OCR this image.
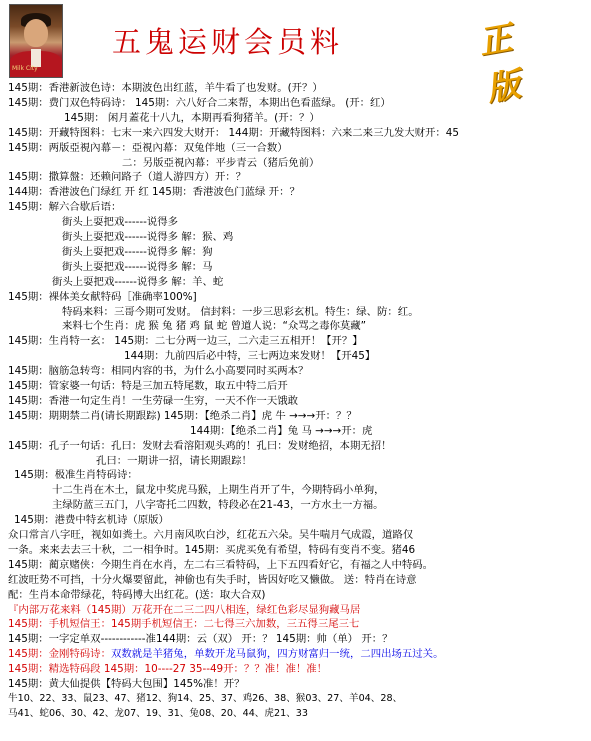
Milk City
五鬼运财会员料	正版
145期：香港新波色诗：本期波色出红蓝，羊牛看了也发财。(开？）
145期：费门双色特码诗： 145期：六八好合二来帮，本期出色看蓝绿。 (开：红）
145期： 闲月蓋花十八九，本期再看狗猪羊。(开：？）
145期：开藏特图料：七末一来六四发大财开： 144期：开藏特图料：六来二来三九发大财开：45
145期：两版亞視內幕－：亞視內幕：双兔伴地（三一合数）
二：另版亞視內幕：平步青云（猪后免前）
145期：撒算盤：还赖问路子（道人游四方）开：？
144期：香港波色门绿红 开 红 145期：香港波色门蓝绿 开：？
145期：解六合歇后语：
街头上耍把戏------说得多
街头上耍把戏------说得多 解：猴、鸡
街头上耍把戏------说得多 解：狗
街头上耍把戏------说得多 解：马
街头上耍把戏------说得多 解：羊、蛇
145期：裸体美女献特码［准确率100%]
特码来料：三哥今期可发财。 信封料：一步三思彩玄机。特生：绿、防：红。
来料七个生肖：虎 猴 兔 猪 鸡 鼠 蛇 曾道人说：“众骂之毒你莫藏”
145期：生肖特一玄： 145期：二七分两一边三，二六走三五相开！【开？】
144期：九前四后必中特，三七两边来发财！【开45】
145期：脑筋急转弯：相同内容的书，为什么小高要同时买两本？
145期：管家婆一句话：特是三加五特尾数，取五中特二后开
145期：香港一句定生肖！一生劳碌一生穷，一天不作一天饿敢
145期：期期禁二肖(请长期跟踪) 145期：【绝杀二肖】虎 牛 →→→开：？？
144期：【绝杀二肖】兔 马 →→→开：虎
145期：孔子一句话：孔曰：发财去看溶阳观头鸡的！孔曰：发财绝招，本期无招！
孔曰：一期讲一招，请长期跟踪！
145期：极准生肖特码诗：
十二生肖在木土，鼠龙中奖虎马猴，上期生肖开了牛，今期特码小单狗，
主绿防蓝三五门，八字寄托二四数，特段必在21-43，一方水土一方福。
145期：港费中特玄机诗（原版）
众口常言八字旺，视如如粪土。六月南风吹白沙，红花五六朵。吴牛喘月气成霞，道路仅
一条。来来去去三十秋，二一相争时。145期：买虎买免有希望，特码有变肖不变。猪46
145期：蔺京赌侠：今期生肖在水肖，左二右三看特码，上下五四看好它，有福之人中特码。
红波旺势不可挡，十分火爆要留此，神偷也有失手时，皆因好吃又懒做。 送：特肖在诗意
配：生肖本命带绿花，特码博大出红花。(送：取大合双)
『内部万花来料（145期）万花开在二三二四八相连，绿红色彩尽显狗藏马居
145期：手机短信王：145期手机短信王：二七得三六加数，三五得三尾三七
145期：一字定单双------------准144期：云（双） 开：？ 145期：帅（单） 开：？
145期：金刚特码诗：双数就是羊猪兔，单数开龙马鼠狗，四方财富归一统，二四出场五过关。
145期：精选特码段 145期：10----27 35--49开：？？准！准！准！
145期：黄大仙提供【特码大包围】145%准！开？
牛10、22、33、鼠23、47、猪12、狗14、25、37、鸡26、38、猴03、27、羊04、28、
马41、蛇06、30、42、龙07、19、31、兔08、20、44、虎21、33
